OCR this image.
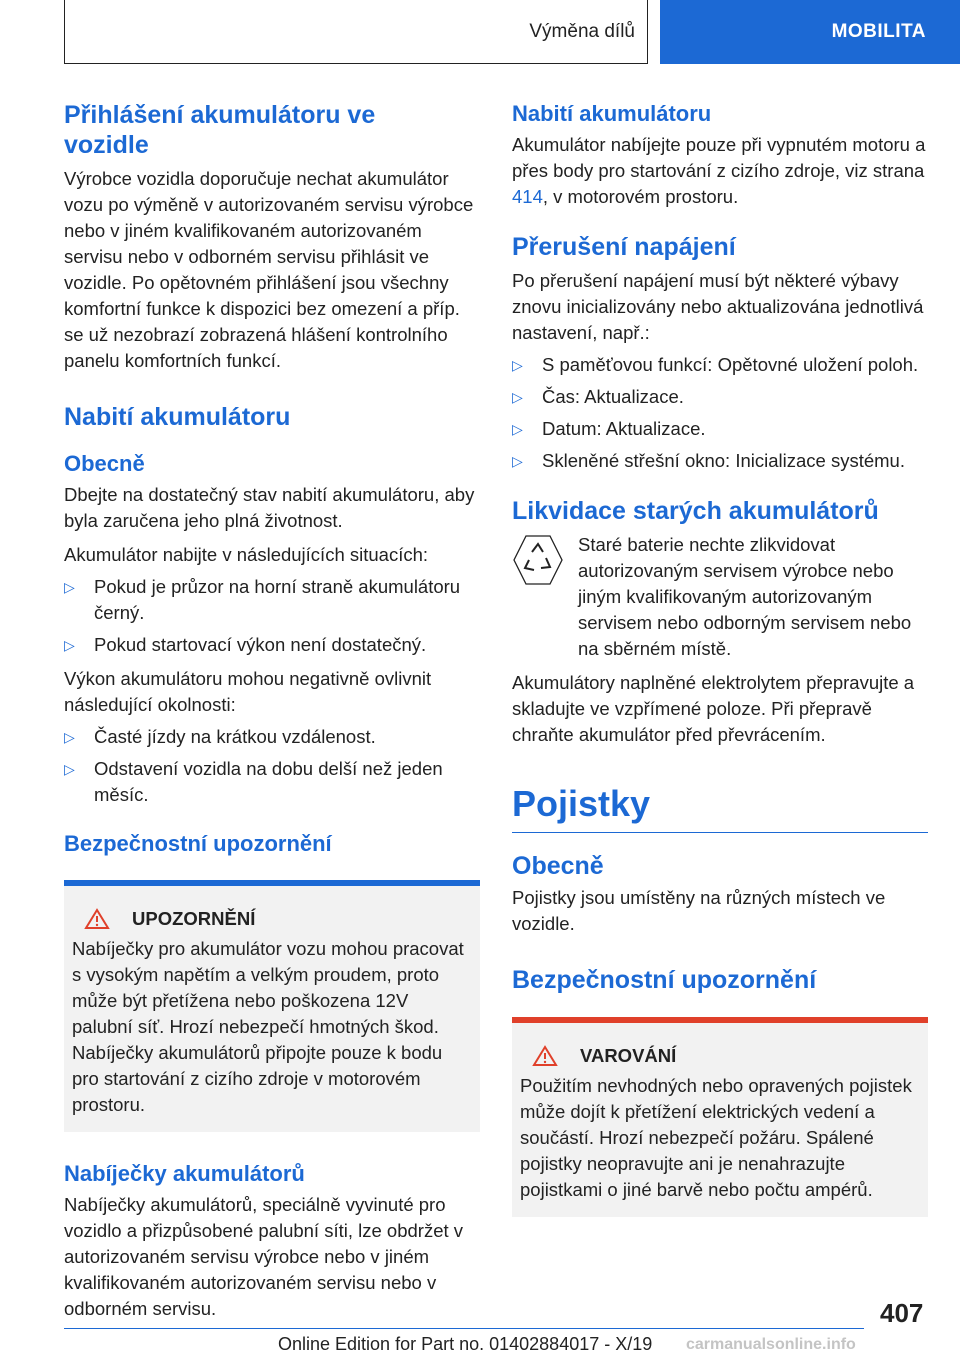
Výměna dílů	MOBILITA
Přihlášení akumulátoru ve vozidle

Výrobce vozidla doporučuje nechat akumulátor vozu po výměně v autorizovaném servisu výrobce nebo v jiném kvalifikovaném autorizovaném servisu nebo v odborném servisu přihlásit ve vozidle. Po opětovném přihlášení jsou všechny komfortní funkce k dispozici bez omezení a příp. se už nezobrazí zobrazená hlášení kontrolního panelu komfortních funkcí.

Nabití akumulátoru
Obecně

Dbejte na dostatečný stav nabití akumulátoru, aby byla zaručena jeho plná životnost.

Akumulátor nabijte v následujících situacích:

▷ Pokud je průzor na horní straně akumulátoru černý.
▷ Pokud startovací výkon není dostatečný.

Výkon akumulátoru mohou negativně ovlivnit následující okolnosti:

▷ Časté jízdy na krátkou vzdálenost.
▷ Odstavení vozidla na dobu delší než jeden měsíc.
Bezpečnostní upozornění
UPOZORNĚNÍ

Nabíječky pro akumulátor vozu mohou pracovat s vysokým napětím a velkým proudem, proto může být přetížena nebo poškozena 12V palubní síť. Hrozí nebezpečí hmotných škod. Nabíječky akumulátorů připojte pouze k bodu pro startování z cizího zdroje v motorovém prostoru.

Nabíječky akumulátorů

Nabíječky akumulátorů, speciálně vyvinuté pro vozidlo a přizpůsobené palubní síti, lze obdržet v autorizovaném servisu výrobce nebo v jiném kvalifikovaném autorizovaném servisu nebo v odborném servisu.

Nabití akumulátoru

Akumulátor nabíjejte pouze při vypnutém motoru a přes body pro startování z cizího zdroje, viz strana 414, v motorovém prostoru.

Přerušení napájení

Po přerušení napájení musí být některé výbavy znovu inicializovány nebo aktualizována jednotlivá nastavení, např.:

▷ S paměťovou funkcí: Opětovné uložení poloh.
▷ Čas: Aktualizace.
▷ Datum: Aktualizace.
▷ Skleněné střešní okno: Inicializace systému.
Likvidace starých akumulátorů

Staré baterie nechte zlikvidovat autorizovaným servisem výrobce nebo jiným kvalifikovaným autorizovaným servisem nebo odborným servisem nebo na sběrném místě.

Akumulátory naplněné elektrolytem přepravujte a skladujte ve vzpřímené poloze. Při přepravě chraňte akumulátor před převrácením.

Pojistky
Obecně

Pojistky jsou umístěny na různých místech ve vozidle.

Bezpečnostní upozornění
VAROVÁNÍ

Použitím nevhodných nebo opravených pojistek může dojít k přetížení elektrických vedení a součástí. Hrozí nebezpečí požáru. Spálené pojistky neopravujte ani je nenahrazujte pojistkami o jiné barvě nebo počtu ampérů.

407
Online Edition for Part no. 01402884017 - X/19 carmanualsonline.info
